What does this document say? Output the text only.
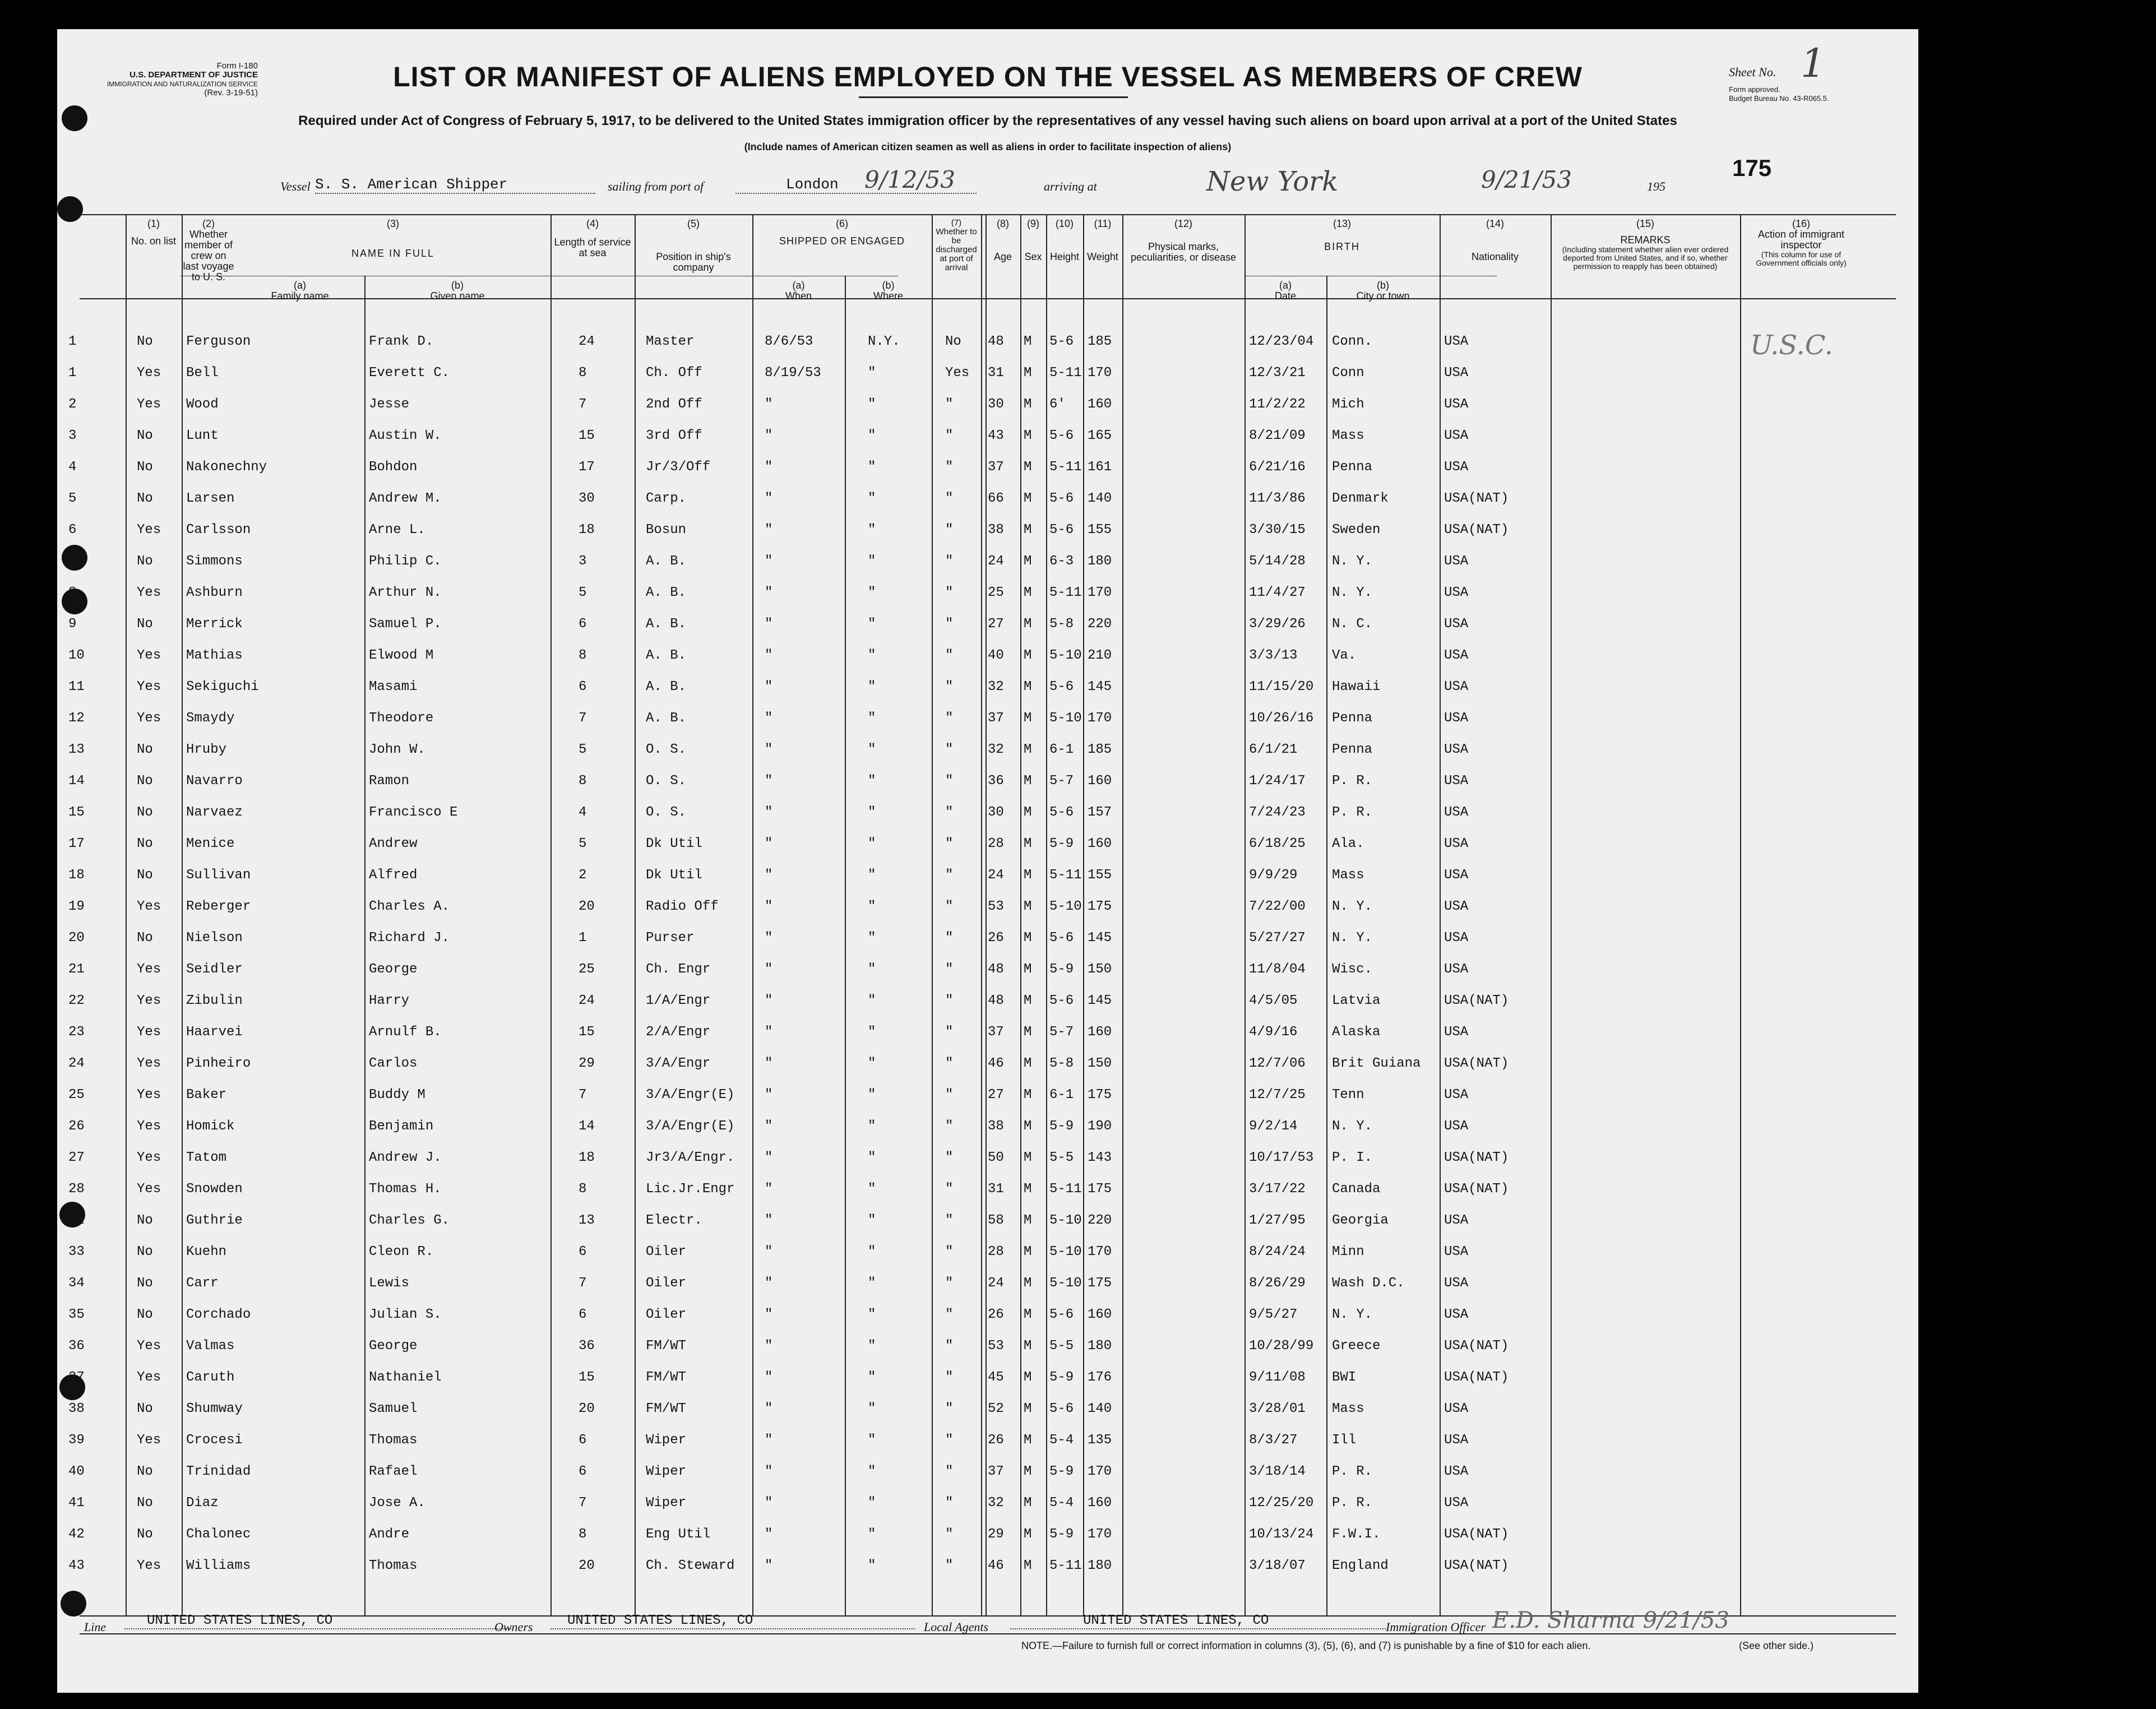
Form I-180
U.S. DEPARTMENT OF JUSTICE
IMMIGRATION AND NATURALIZATION SERVICE
(Rev. 3-19-51)
Sheet No. 1
Form approved.
Budget Bureau No. 43-R065.5.
175
LIST OR MANIFEST OF ALIENS EMPLOYED ON THE VESSEL AS MEMBERS OF CREW
Required under Act of Congress of February 5, 1917, to be delivered to the United States immigration officer by the representatives of any vessel having such aliens on board upon arrival at a port of the United States
(Include names of American citizen seamen as well as aliens in order to facilitate inspection of aliens)
Vessel S. S. American Shipper	sailing from port of	London	9/12/53	arriving at	New York	9/21/53	195
(1)
No. on list
(2)
Whether member of crew on last voyage to U. S.
(3)
NAME IN FULL
(a)
Family name
(b)
Given name
(4)
Length of service at sea
(5)
Position in ship's company
(6)
SHIPPED OR ENGAGED
(a)
When
(b)
Where
(7)
Whether to be discharged at port of arrival
(8)
Age
(9)
Sex
(10)
Height
(11)
Weight
(12)
Physical marks, peculiarities, or disease
(13)
BIRTH
(a)
Date
(b)
City or town
(14)
Nationality
(15)
REMARKS
(Including statement whether alien ever ordered deported from United States, and if so, whether permission to reapply has been obtained)
(16)
Action of immigrant inspector
(This column for use of Government officials only)
U.S.C.
1	No Ferguson	Frank D.	24	Master	8/6/53	N.Y.	No 48 M 5-6 185	12/23/04 Conn.	USA
1	Yes Bell	Everett C.	8	Ch. Off	8/19/53	"	Yes 31 M 5-11 170	12/3/21 Conn	USA
2	Yes Wood	Jesse	7	2nd Off	"	"	"	30 M 6' 160	11/2/22 Mich	USA
3	No Lunt	Austin W.	15	3rd Off	"	"	"	43 M 5-6 165	8/21/09 Mass	USA
4	No Nakonechny	Bohdon	17	Jr/3/Off	"	"	"	37 M 5-11 161	6/21/16 Penna	USA
5	No Larsen	Andrew M.	30	Carp.	"	"	"	66 M 5-6 140	11/3/86 Denmark	USA(NAT)
6	Yes Carlsson	Arne L.	18	Bosun	"	"	"	38 M 5-6 155	3/30/15 Sweden	USA(NAT)
7	No Simmons	Philip C.	3	A. B.	"	"	"	24 M 6-3 180	5/14/28 N. Y.	USA
8	Yes Ashburn	Arthur N.	5	A. B.	"	"	"	25 M 5-11 170	11/4/27 N. Y.	USA
9	No Merrick	Samuel P.	6	A. B.	"	"	"	27 M 5-8 220	3/29/26 N. C.	USA
10	Yes Mathias	Elwood M	8	A. B.	"	"	"	40 M 5-10 210	3/3/13	Va.	USA
11	Yes Sekiguchi	Masami	6	A. B.	"	"	"	32 M 5-6 145	11/15/20 Hawaii	USA
12	Yes Smaydy	Theodore	7	A. B.	"	"	"	37 M 5-10 170	10/26/16 Penna	USA
13	No Hruby	John W.	5	O. S.	"	"	"	32 M 6-1 185	6/1/21	Penna	USA
14	No Navarro	Ramon	8	O. S.	"	"	"	36 M 5-7 160	1/24/17 P. R.	USA
15	No Narvaez	Francisco E	4	O. S.	"	"	"	30 M 5-6 157	7/24/23 P. R.	USA
17	No Menice	Andrew	5	Dk Util	"	"	"	28 M 5-9 160	6/18/25 Ala.	USA
18	No Sullivan	Alfred	2	Dk Util	"	"	"	24 M 5-11 155	9/9/29	Mass	USA
19	Yes Reberger	Charles A.	20	Radio Off	"	"	"	53 M 5-10 175	7/22/00 N. Y.	USA
20	No Nielson	Richard J.	1	Purser	"	"	"	26 M 5-6 145	5/27/27 N. Y.	USA
21	Yes Seidler	George	25	Ch. Engr	"	"	"	48 M 5-9 150	11/8/04 Wisc.	USA
22	Yes Zibulin	Harry	24	1/A/Engr	"	"	"	48 M 5-6 145	4/5/05	Latvia	USA(NAT)
23	Yes Haarvei	Arnulf B.	15	2/A/Engr	"	"	"	37 M 5-7 160	4/9/16	Alaska	USA
24	Yes Pinheiro	Carlos	29	3/A/Engr	"	"	"	46 M 5-8 150	12/7/06 Brit Guiana USA(NAT)
25	Yes Baker	Buddy M	7	3/A/Engr(E) "	"	"	27 M 6-1 175	12/7/25 Tenn	USA
26	Yes Homick	Benjamin	14	3/A/Engr(E) "	"	"	38 M 5-9 190	9/2/14	N. Y.	USA
27	Yes Tatom	Andrew J.	18	Jr3/A/Engr. "	"	"	50 M 5-5 143	10/17/53 P. I.	USA(NAT)
28	Yes Snowden	Thomas H.	8	Lic.Jr.Engr "	"	"	31 M 5-11 175	3/17/22 Canada	USA(NAT)
32	No Guthrie	Charles G.	13	Electr.	"	"	"	58 M 5-10 220	1/27/95 Georgia	USA
33	No Kuehn	Cleon R.	6	Oiler	"	"	"	28 M 5-10 170	8/24/24 Minn	USA
34	No Carr	Lewis	7	Oiler	"	"	"	24 M 5-10 175	8/26/29 Wash D.C.	USA
35	No Corchado	Julian S.	6	Oiler	"	"	"	26 M 5-6 160	9/5/27	N. Y.	USA
36	Yes Valmas	George	36	FM/WT	"	"	"	53 M 5-5 180	10/28/99 Greece	USA(NAT)
37	Yes Caruth	Nathaniel	15	FM/WT	"	"	"	45 M 5-9 176	9/11/08 BWI	USA(NAT)
38	No Shumway	Samuel	20	FM/WT	"	"	"	52 M 5-6 140	3/28/01 Mass	USA
39	Yes Crocesi	Thomas	6	Wiper	"	"	"	26 M 5-4 135	8/3/27	Ill	USA
40	No Trinidad	Rafael	6	Wiper	"	"	"	37 M 5-9 170	3/18/14 P. R.	USA
41	No Diaz	Jose A.	7	Wiper	"	"	"	32 M 5-4 160	12/25/20 P. R.	USA
42	No Chalonec	Andre	8	Eng Util	"	"	"	29 M 5-9 170	10/13/24 F.W.I.	USA(NAT)
43	Yes Williams	Thomas	20	Ch. Steward "	"	"	46 M 5-11 180	3/18/07 England	USA(NAT)
Line	UNITED STATES LINES, CO	Owners	UNITED STATES LINES, CO	Local Agents	UNITED STATES LINES, CO	Immigration Officer E.D. Sharma 9/21/53
NOTE.—Failure to furnish full or correct information in columns (3), (5), (6), and (7) is punishable by a fine of $10 for each alien.	(See other side.)
